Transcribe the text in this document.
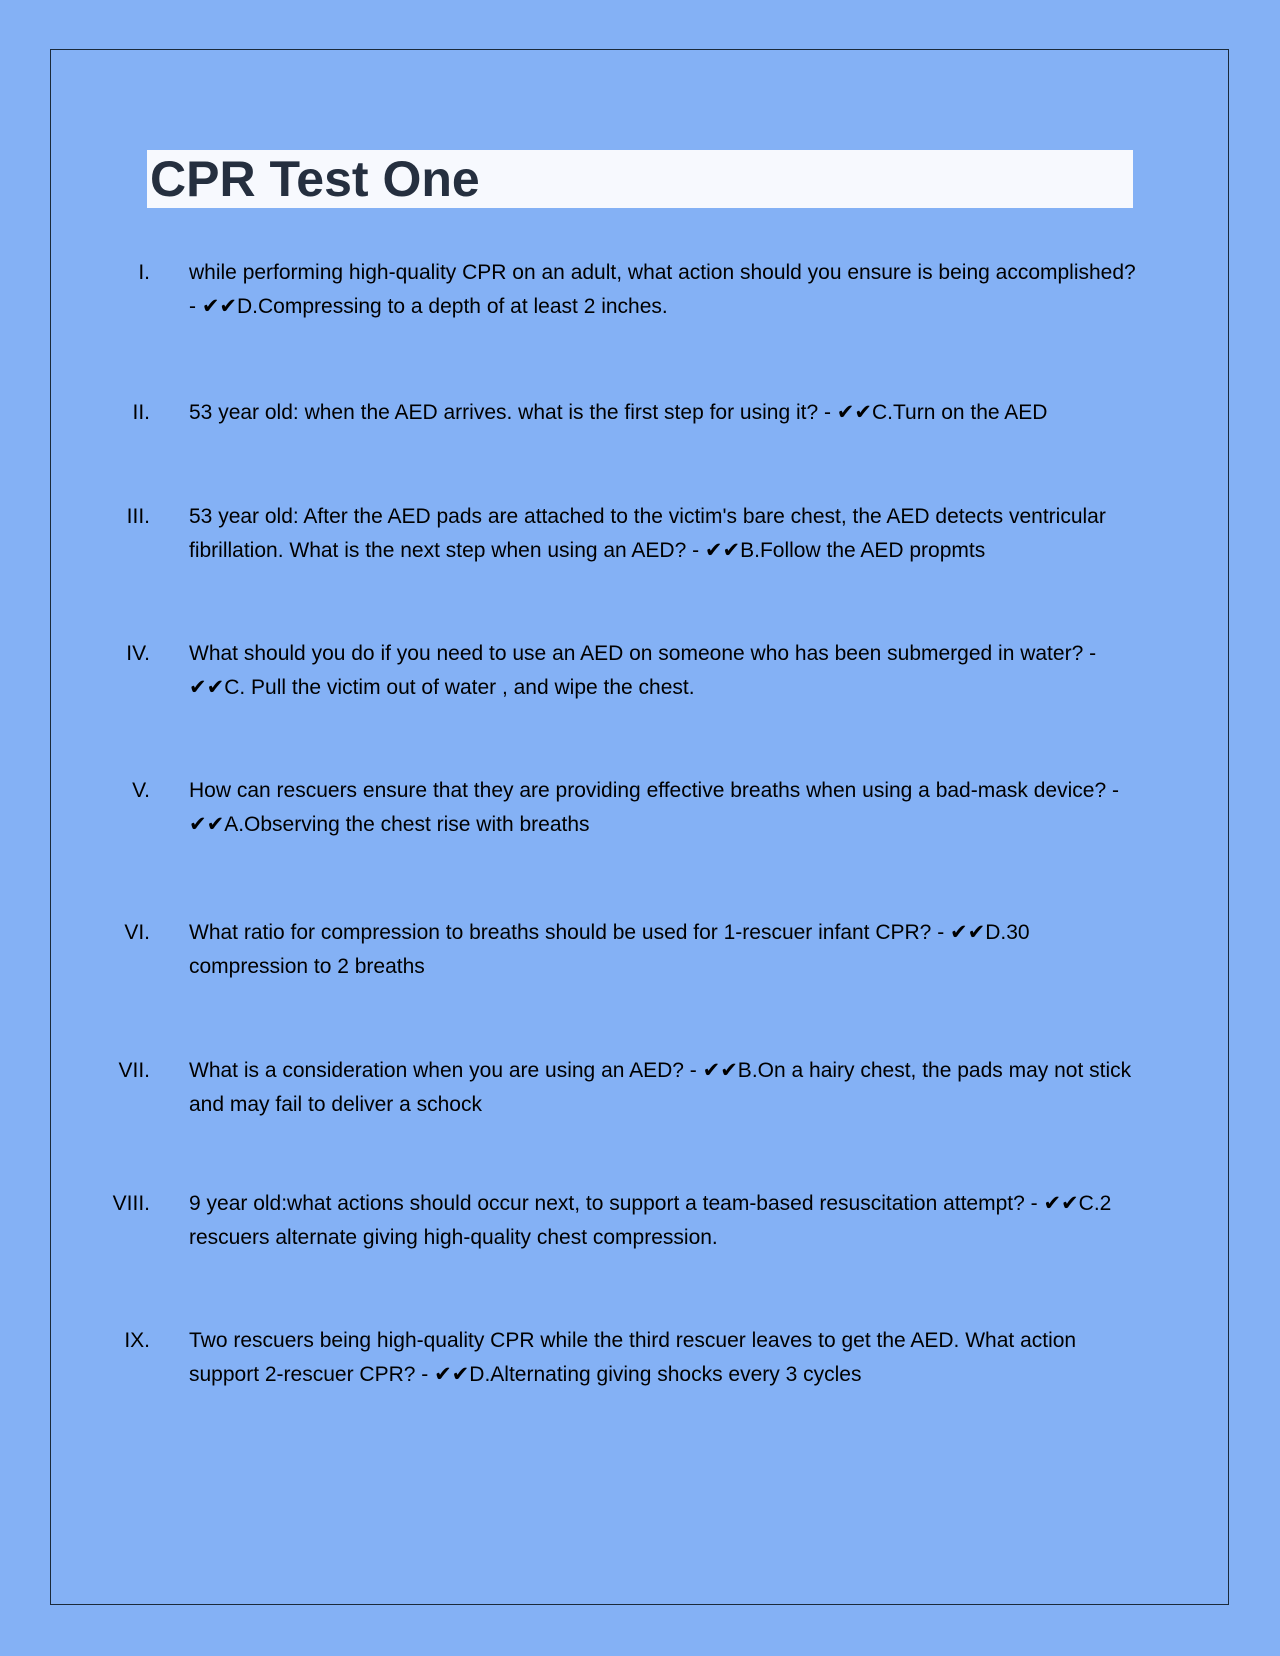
CPR Test One
I. while performing high-quality CPR on an adult, what action should you ensure is being accomplished? - ✔✔D.Compressing to a depth of at least 2 inches.
II. 53 year old: when the AED arrives. what is the first step for using it? - ✔✔C.Turn on the AED
III. 53 year old: After the AED pads are attached to the victim's bare chest, the AED detects ventricular fibrillation. What is the next step when using an AED? - ✔✔B.Follow the AED propmts
IV. What should you do if you need to use an AED on someone who has been submerged in water? - ✔✔C. Pull the victim out of water , and wipe the chest.
V. How can rescuers ensure that they are providing effective breaths when using a bad-mask device? - ✔✔A.Observing the chest rise with breaths
VI. What ratio for compression to breaths should be used for 1-rescuer infant CPR? - ✔✔D.30 compression to 2 breaths
VII. What is a consideration when you are using an AED? - ✔✔B.On a hairy chest, the pads may not stick and may fail to deliver a schock
VIII. 9 year old:what actions should occur next, to support a team-based resuscitation attempt? - ✔✔C.2 rescuers alternate giving high-quality chest compression.
IX. Two rescuers being high-quality CPR while the third rescuer leaves to get the AED. What action support 2-rescuer CPR? - ✔✔D.Alternating giving shocks every 3 cycles
